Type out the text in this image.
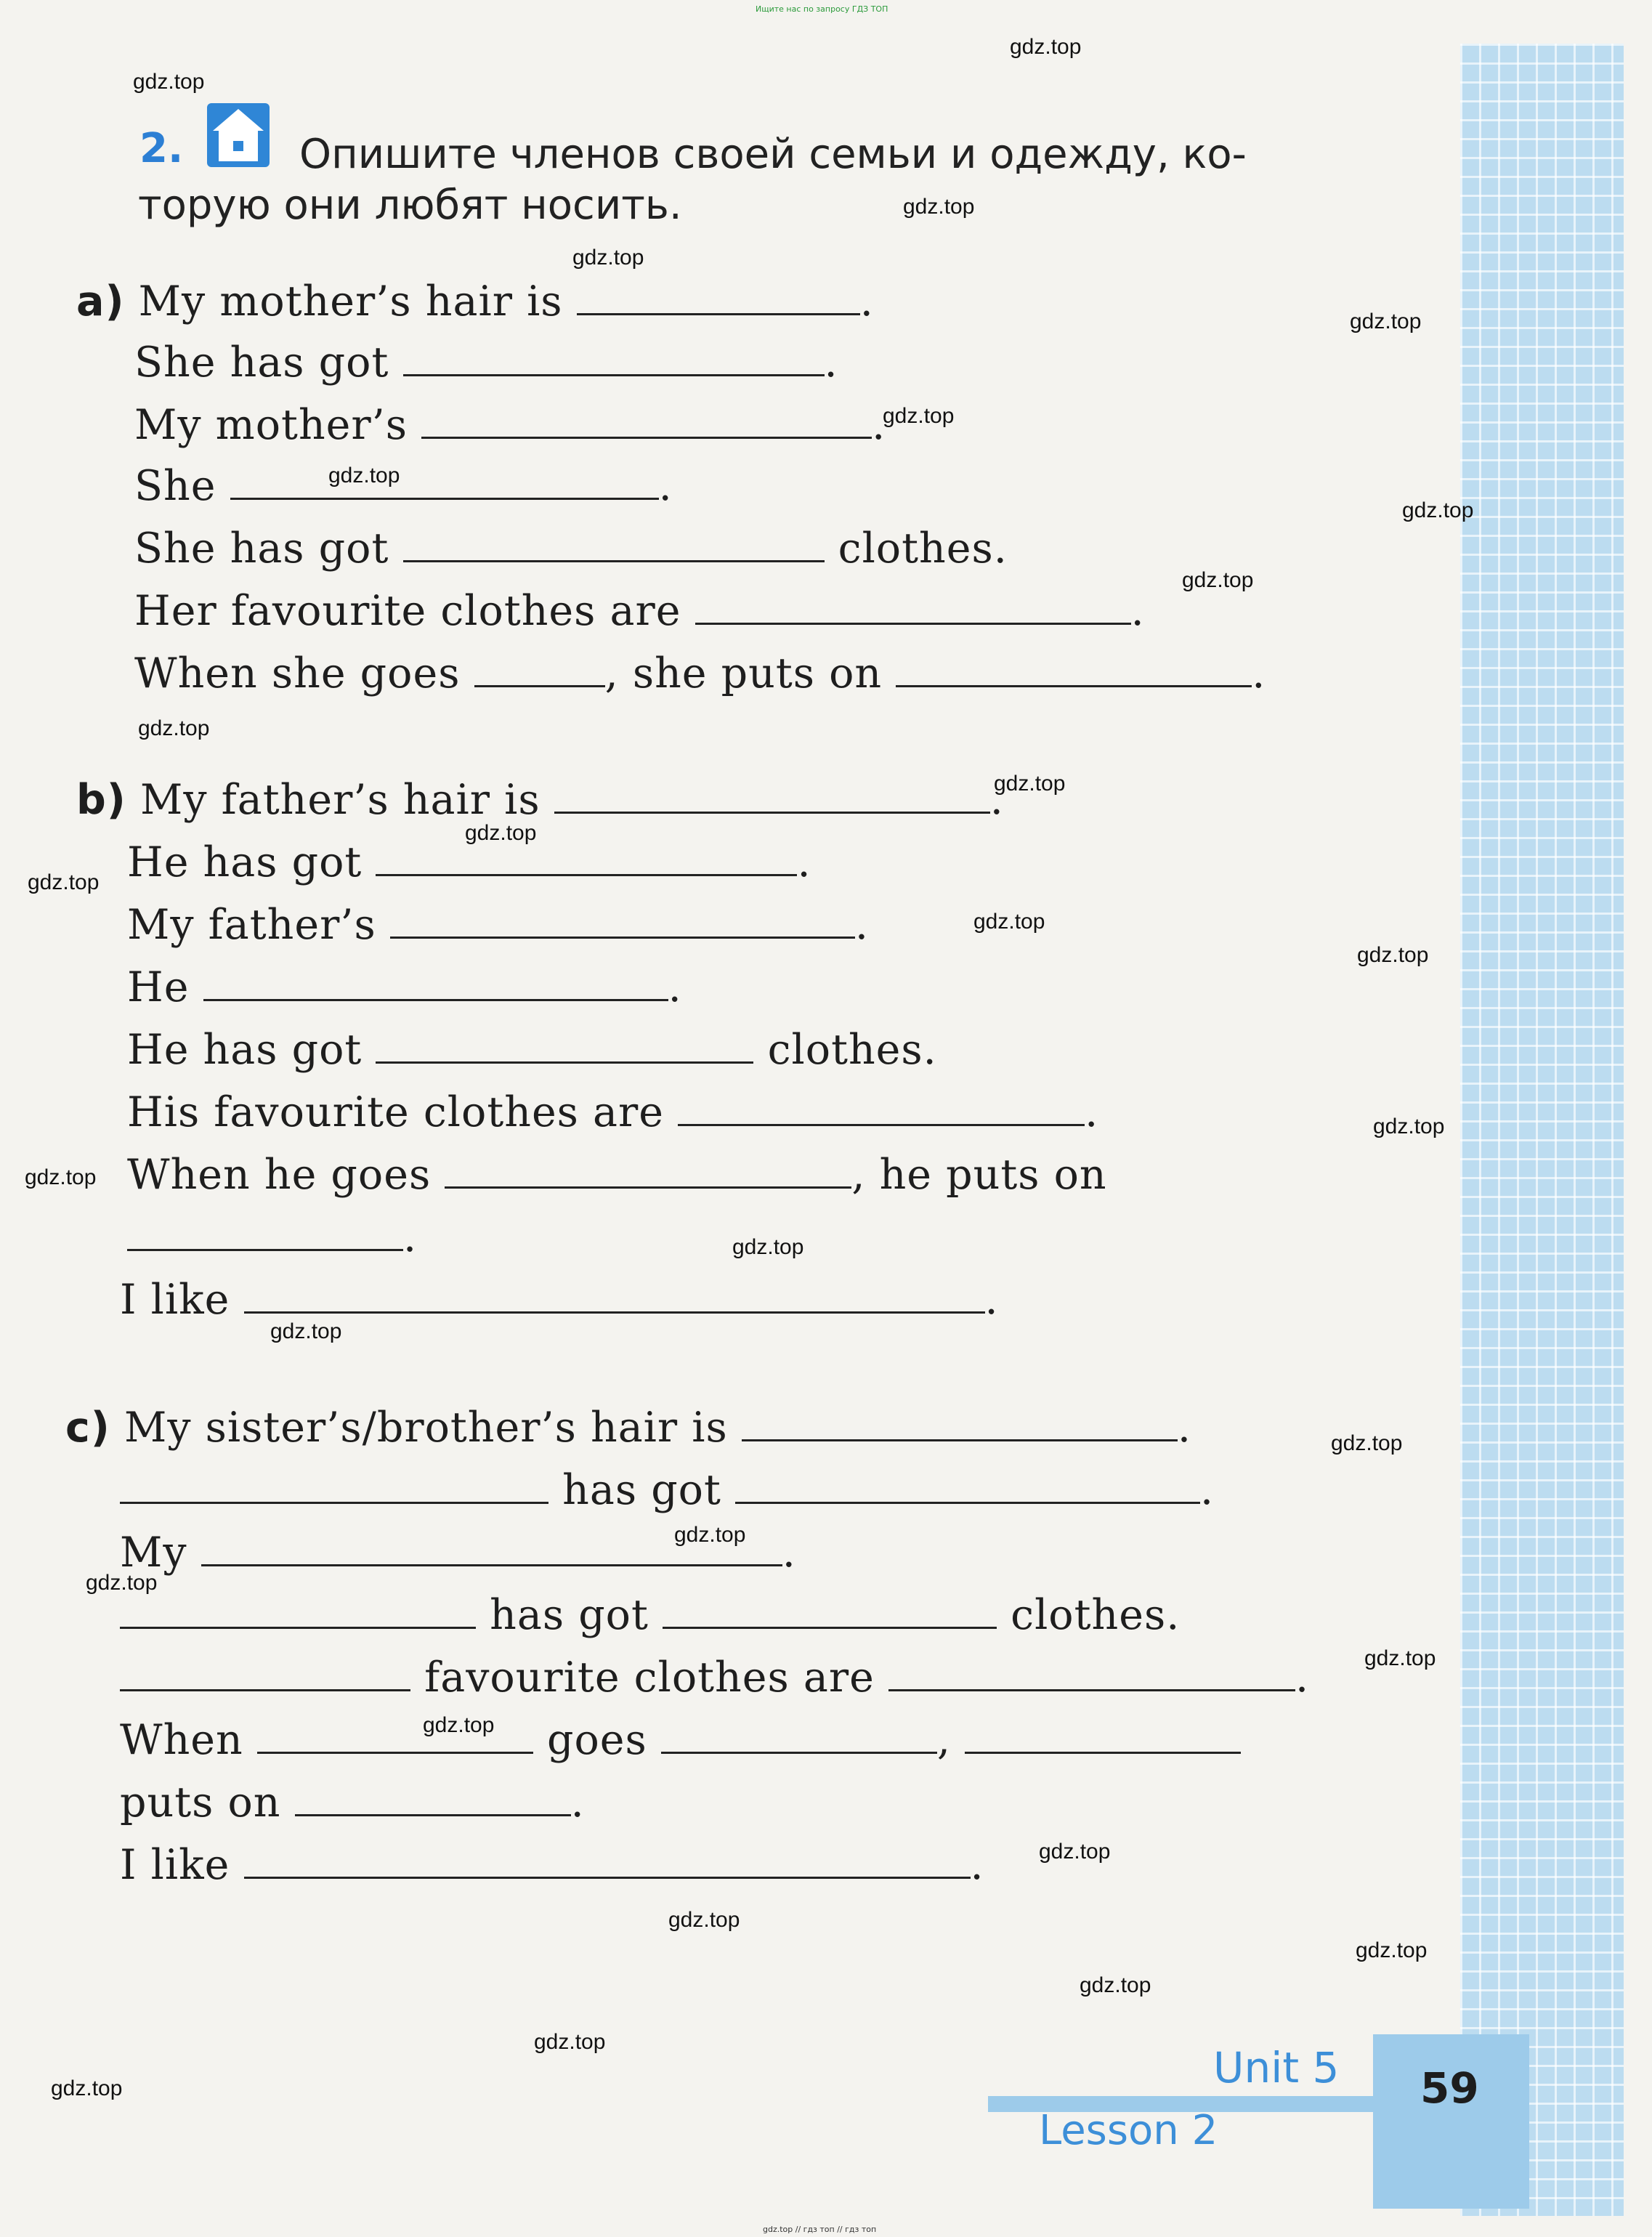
Ищите нас по запросу ГДЗ ТОП
gdz.top
gdz.top
gdz.top
gdz.top
gdz.top
gdz.top
gdz.top
gdz.top
gdz.top
gdz.top
gdz.top
gdz.top
gdz.top
gdz.top
gdz.top
gdz.top
gdz.top
gdz.top
gdz.top
gdz.top
gdz.top
gdz.top
gdz.top
gdz.top
gdz.top
gdz.top
gdz.top
gdz.top
gdz.top
gdz.top
2.	Опишите членов своей семьи и одежду, ко-
торую они любят носить.
a) My mother’s hair is	.
She has got	.
My mother’s	.
She	.
She has got	clothes.
Her favourite clothes are	.
When she goes	, she puts on	.
b) My father’s hair is	.
He has got	.
My father’s	.
He	.
He has got	clothes.
His favourite clothes are	.
When he goes	, he puts on
.
I like	.
c) My sister’s/brother’s hair is	.
has got	.
My	.
has got	clothes.
favourite clothes are	.
When	goes	,
puts on	.
I like	.
Unit 5
Lesson 2
59
gdz.top // гдз топ // гдз топ
